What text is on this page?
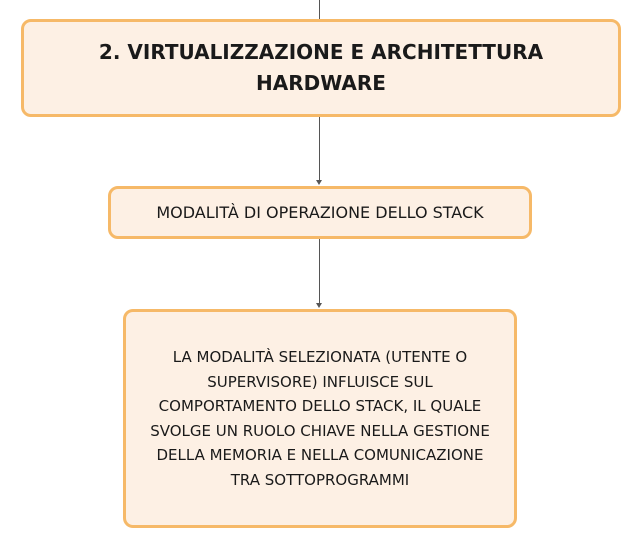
2. VIRTUALIZZAZIONE E ARCHITETTURA
HARDWARE
MODALITÀ DI OPERAZIONE DELLO STACK
LA MODALITÀ SELEZIONATA (UTENTE O
SUPERVISORE) INFLUISCE SUL
COMPORTAMENTO DELLO STACK, IL QUALE
SVOLGE UN RUOLO CHIAVE NELLA GESTIONE
DELLA MEMORIA E NELLA COMUNICAZIONE
TRA SOTTOPROGRAMMI
